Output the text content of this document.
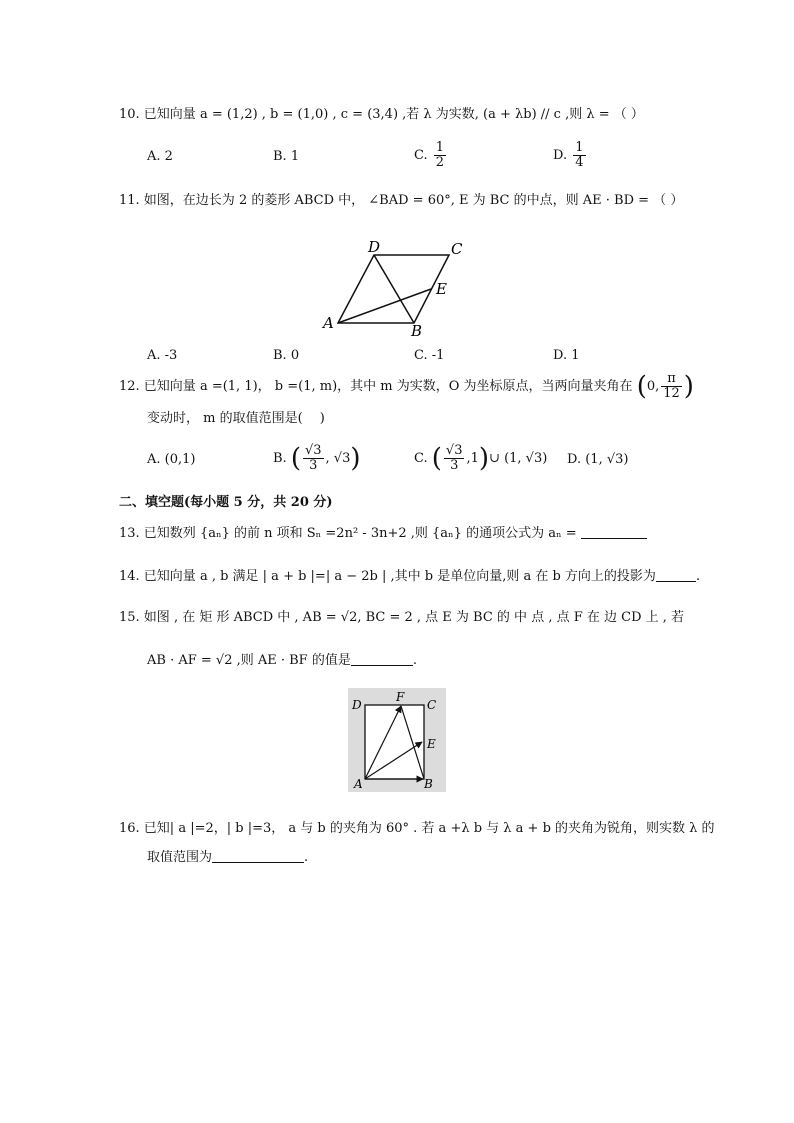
10. 已知向量 a = (1,2) , b = (1,0) , c = (3,4) ,若 λ 为实数, (a + λb) // c ,则 λ = （ ）
A. 2	B. 1	C. $\frac{1}{2}$	D. $\frac{1}{4}$
11. 如图，在边长为 2 的菱形 ABCD 中， ∠BAD = 60°, E 为 BC 的中点，则 AE · BD = （ ）
D	C
E
A	B
A. -3	B. 0	C. -1	D. 1
12. 已知向量 a =(1, 1)， b =(1, m)，其中 m 为实数，O 为坐标原点，当两向量夹角在 (0, $\frac{\pi}{12}$ )
变动时， m 的取值范围是(　 )
A. (0,1)	B. ( $\frac{√3}{3}$ , √3)	C. ( $\frac{√3}{3}$ ,1)∪ (1, √3) D. (1, √3)
二、填空题(每小题 5 分，共 20 分)
13. 已知数列 {aₙ} 的前 n 项和 Sₙ =2n² - 3n+2 ,则 {aₙ} 的通项公式为 aₙ =
14. 已知向量 a , b 满足 | a + b |=| a − 2b | ,其中 b 是单位向量,则 a 在 b 方向上的投影为	.
15. 如图 , 在 矩 形 ABCD 中 , AB = √2, BC = 2 , 点 E 为 BC 的 中 点 , 点 F 在 边 CD 上 , 若
AB · AF = √2 ,则 AE · BF 的值是	.
D
F
C
E
A	B
16. 已知| a |=2，| b |=3， a 与 b 的夹角为 60° . 若 a +λ b 与 λ a + b 的夹角为锐角，则实数 λ 的
取值范围为	.
